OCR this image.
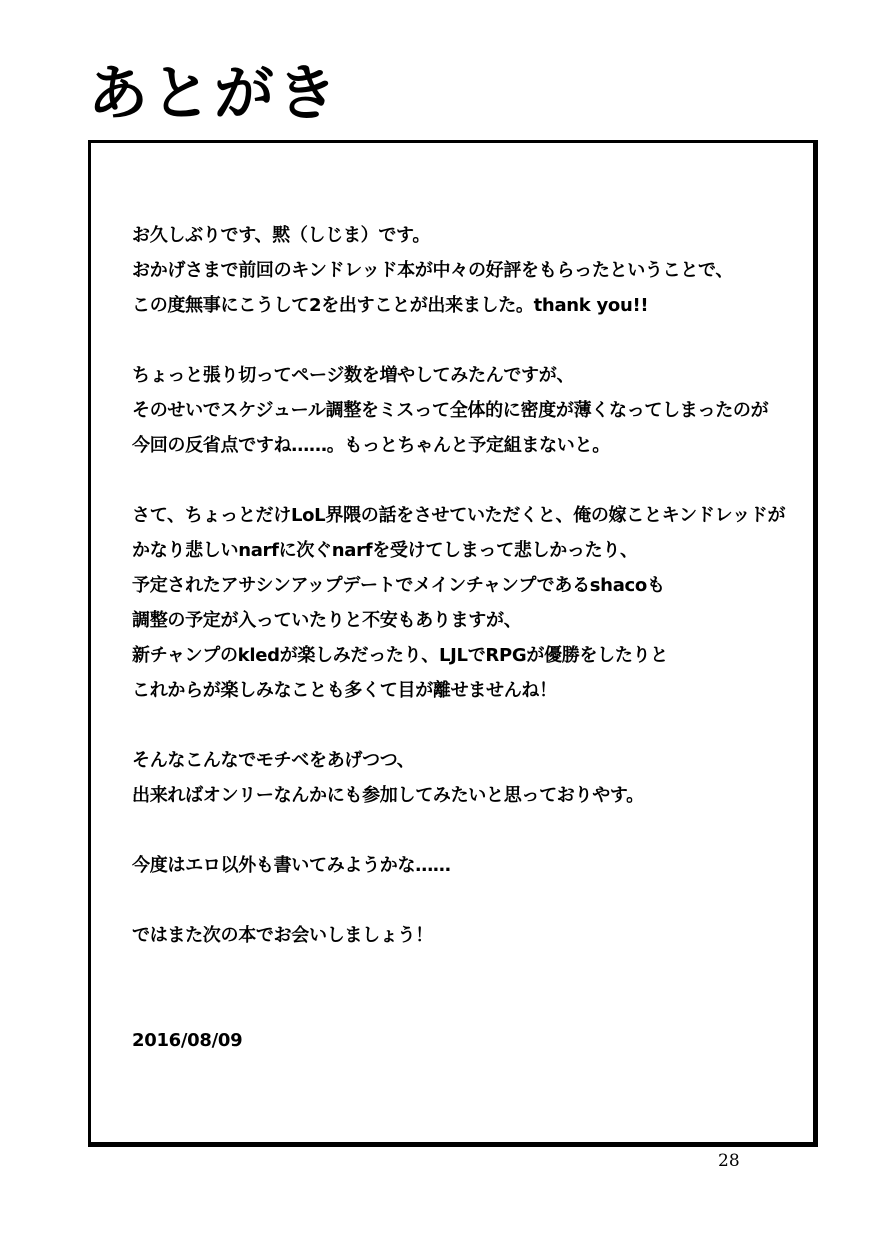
あとがき
お久しぶりです、黙（しじま）です。
おかげさまで前回のキンドレッド本が中々の好評をもらったということで、
この度無事にこうして2を出すことが出来ました。thank you!!
ちょっと張り切ってページ数を増やしてみたんですが、
そのせいでスケジュール調整をミスって全体的に密度が薄くなってしまったのが
今回の反省点ですね……。もっとちゃんと予定組まないと。
さて、ちょっとだけLoL界隈の話をさせていただくと、俺の嫁ことキンドレッドが
かなり悲しいnarfに次ぐnarfを受けてしまって悲しかったり、
予定されたアサシンアップデートでメインチャンプであるshacoも
調整の予定が入っていたりと不安もありますが、
新チャンプのkledが楽しみだったり、LJLでRPGが優勝をしたりと
これからが楽しみなことも多くて目が離せませんね！
そんなこんなでモチベをあげつつ、
出来ればオンリーなんかにも参加してみたいと思っておりやす。
今度はエロ以外も書いてみようかな……
ではまた次の本でお会いしましょう！
2016/08/09
28
